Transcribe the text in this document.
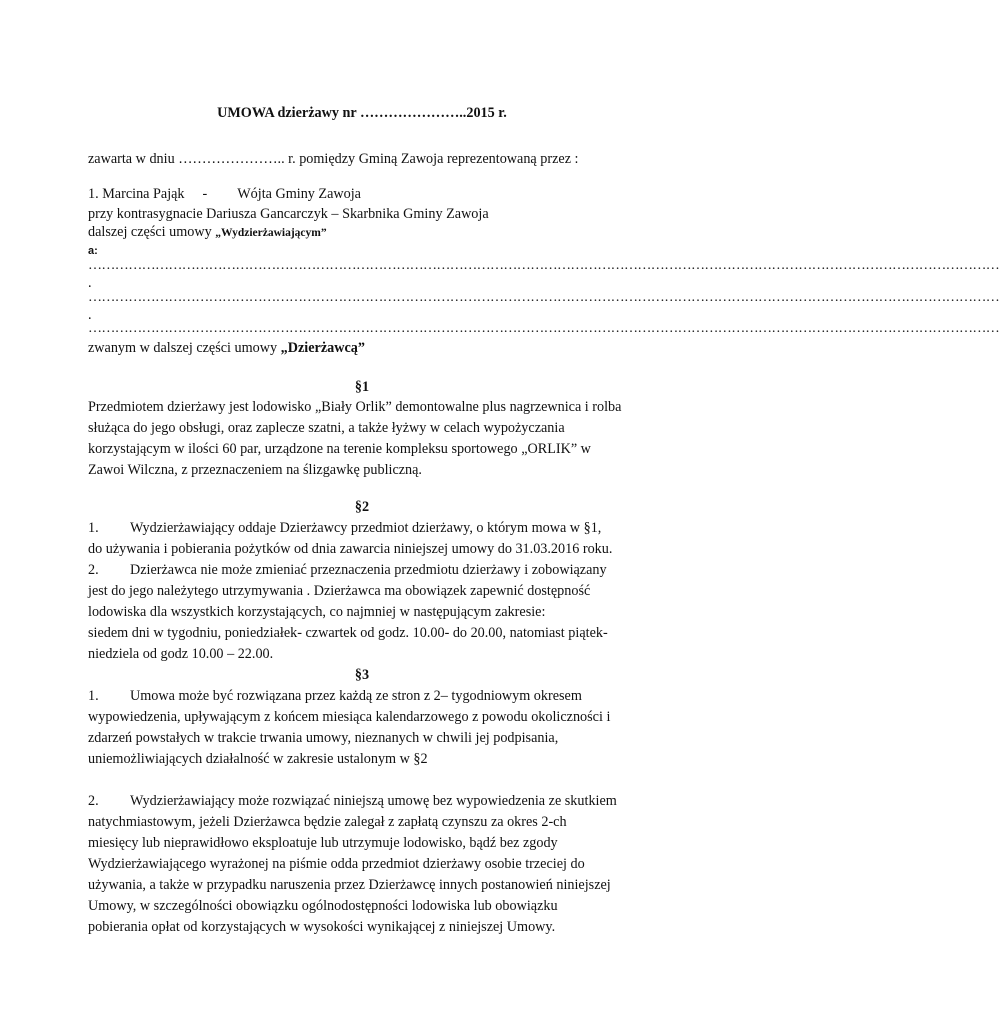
UMOWA dzierżawy nr …………………..2015 r.
zawarta w dniu ………………….. r. pomiędzy Gminą Zawoja reprezentowaną przez :
1. Marcina Pająk - Wójta Gminy Zawoja
przy kontrasygnacie Dariusza Gancarczyk – Skarbnika Gminy Zawoja
dalszej części umowy „Wydzierżawiającym”
a:
……………………………………………………………………………………………………………………………………………………………………………………
.
……………………………………………………………………………………………………………………………………………………………………………………
.
……………………………………………………………………………………………………………………………………………………………………………………
zwanym w dalszej części umowy „Dzierżawcą”
§1
Przedmiotem dzierżawy jest lodowisko „Biały Orlik” demontowalne plus nagrzewnica i rolba
służąca do jego obsługi, oraz zaplecze szatni, a także łyżwy w celach wypożyczania
korzystającym w ilości 60 par, urządzone na terenie kompleksu sportowego „ORLIK” w
Zawoi Wilczna, z przeznaczeniem na ślizgawkę publiczną.
§2
1. Wydzierżawiający oddaje Dzierżawcy przedmiot dzierżawy, o którym mowa w §1,
do używania i pobierania pożytków od dnia zawarcia niniejszej umowy do 31.03.2016 roku.
2. Dzierżawca nie może zmieniać przeznaczenia przedmiotu dzierżawy i zobowiązany
jest do jego należytego utrzymywania . Dzierżawca ma obowiązek zapewnić dostępność
lodowiska dla wszystkich korzystających, co najmniej w następującym zakresie:
siedem dni w tygodniu, poniedziałek- czwartek od godz. 10.00- do 20.00, natomiast piątek-
niedziela od godz 10.00 – 22.00.
§3
1. Umowa może być rozwiązana przez każdą ze stron z 2– tygodniowym okresem
wypowiedzenia, upływającym z końcem miesiąca kalendarzowego z powodu okoliczności i
zdarzeń powstałych w trakcie trwania umowy, nieznanych w chwili jej podpisania,
uniemożliwiających działalność w zakresie ustalonym w §2
2. Wydzierżawiający może rozwiązać niniejszą umowę bez wypowiedzenia ze skutkiem
natychmiastowym, jeżeli Dzierżawca będzie zalegał z zapłatą czynszu za okres 2-ch
miesięcy lub nieprawidłowo eksploatuje lub utrzymuje lodowisko, bądź bez zgody
Wydzierżawiającego wyrażonej na piśmie odda przedmiot dzierżawy osobie trzeciej do
używania, a także w przypadku naruszenia przez Dzierżawcę innych postanowień niniejszej
Umowy, w szczególności obowiązku ogólnodostępności lodowiska lub obowiązku
pobierania opłat od korzystających w wysokości wynikającej z niniejszej Umowy.
